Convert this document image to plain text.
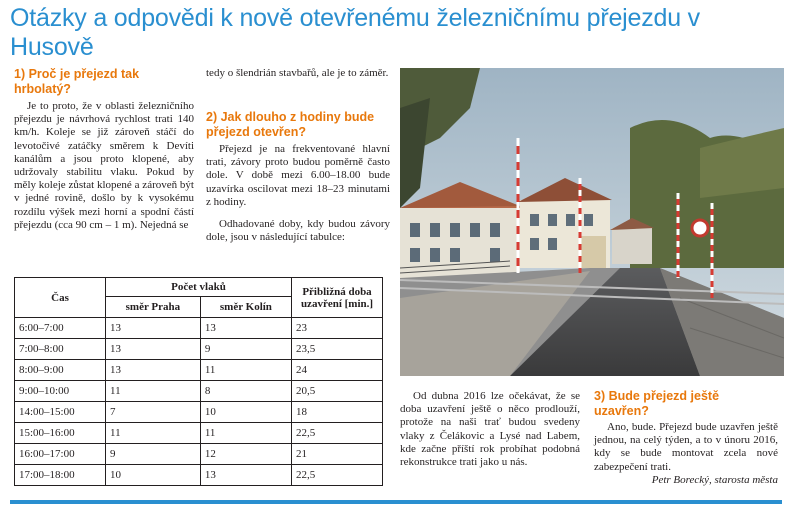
Otázky a odpovědi k nově otevřenému železničnímu přejezdu v Husově

1) Proč je přejezd tak hrbolatý?

Je to proto, že v oblasti železničního přejezdu je návrhová rychlost trati 140 km/h. Koleje se již zároveň stáčí do levotočivé zatáčky směrem k Devíti kanálům a jsou proto klopené, aby udržovaly stabilitu vlaku. Pokud by měly koleje zůstat klopené a zároveň být v jedné rovině, došlo by k vysokému rozdílu výšek mezi horní a spodní částí přejezdu (cca 90 cm – 1 m). Nejedná se

tedy o šlendrián stavbařů, ale je to záměr.

2) Jak dlouho z hodiny bude přejezd otevřen?

Přejezd je na frekventované hlavní trati, závory proto budou poměrně často dole. V době mezi 6.00–18.00 bude uzavírka oscilovat mezi 18–23 minutami z hodiny.

Odhadované doby, kdy budou závory dole, jsou v následující tabulce:

Čas	Počet vlaků		Přibližná doba uzavření [min.]
	směr Praha	směr Kolín	
6:00–7:00	13	13	23
7:00–8:00	13	9	23,5
8:00–9:00	13	11	24
9:00–10:00	11	8	20,5
14:00–15:00	7	10	18
15:00–16:00	11	11	22,5
16:00–17:00	9	12	21
17:00–18:00	10	13	22,5

Od dubna 2016 lze očekávat, že se doba uzavření ještě o něco prodlouží, protože na naši trať budou svedeny vlaky z Čelákovic a Lysé nad Labem, kde začne příští rok probíhat podobná rekonstrukce trati jako u nás.

3) Bude přejezd ještě uzavřen?

Ano, bude. Přejezd bude uzavřen ještě jednou, na celý týden, a to v únoru 2016, kdy se bude montovat zcela nové zabezpečení trati.

Petr Borecký, starosta města
